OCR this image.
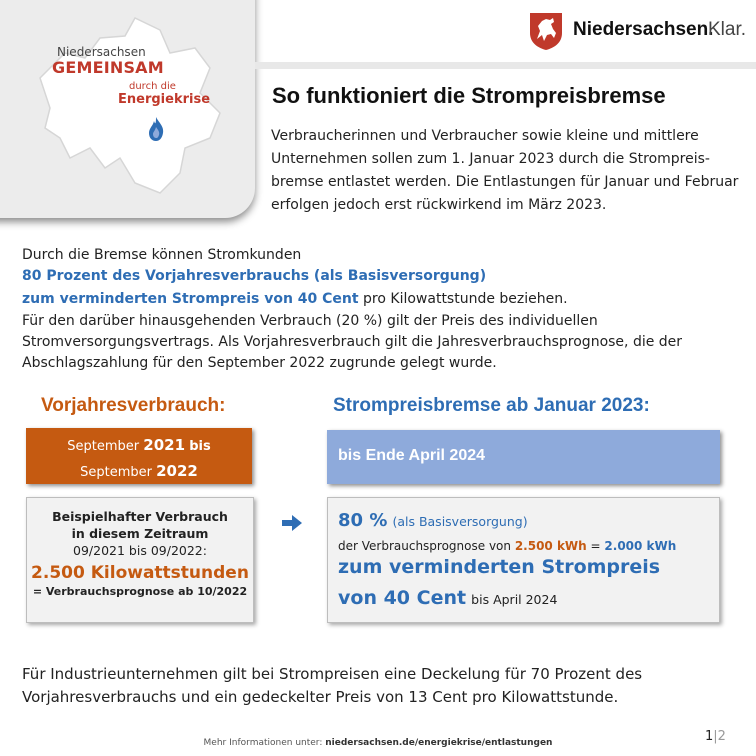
Niedersachsen
GEMEINSAM
durch die
Energiekrise
Niedersachsen.
Klar.
So funktioniert die Strompreisbremse
Verbraucherinnen und Verbraucher sowie kleine und mittlere Unternehmen sollen zum 1. Januar 2023 durch die Strompreis-bremse entlastet werden. Die Entlastungen für Januar und Februar erfolgen jedoch erst rückwirkend im März 2023.
Durch die Bremse können Stromkunden
80 Prozent des Vorjahresverbrauchs (als Basisversorgung)
zum verminderten Strompreis von 40 Cent pro Kilowattstunde beziehen.
Für den darüber hinausgehenden Verbrauch (20 %) gilt der Preis des individuellen
Stromversorgungsvertrags. Als Vorjahresverbrauch gilt die Jahresverbrauchsprognose, die der
Abschlagszahlung für den September 2022 zugrunde gelegt wurde.
Vorjahresverbrauch:	Strompreisbremse ab Januar 2023:
September 2021 bis
September 2022
Beispielhafter Verbrauch
in diesem Zeitraum
09/2021 bis 09/2022:
2.500 Kilowattstunden
= Verbrauchsprognose ab 10/2022
bis Ende April 2024
80 % (als Basisversorgung)
der Verbrauchsprognose von 2.500 kWh = 2.000 kWh
zum verminderten Strompreis
von 40 Cent bis April 2024
Für Industrieunternehmen gilt bei Strompreisen eine Deckelung für 70 Prozent des Vorjahresverbrauchs und ein gedeckelter Preis von 13 Cent pro Kilowattstunde.
Mehr Informationen unter: niedersachsen.de/energiekrise/entlastungen	1|2
